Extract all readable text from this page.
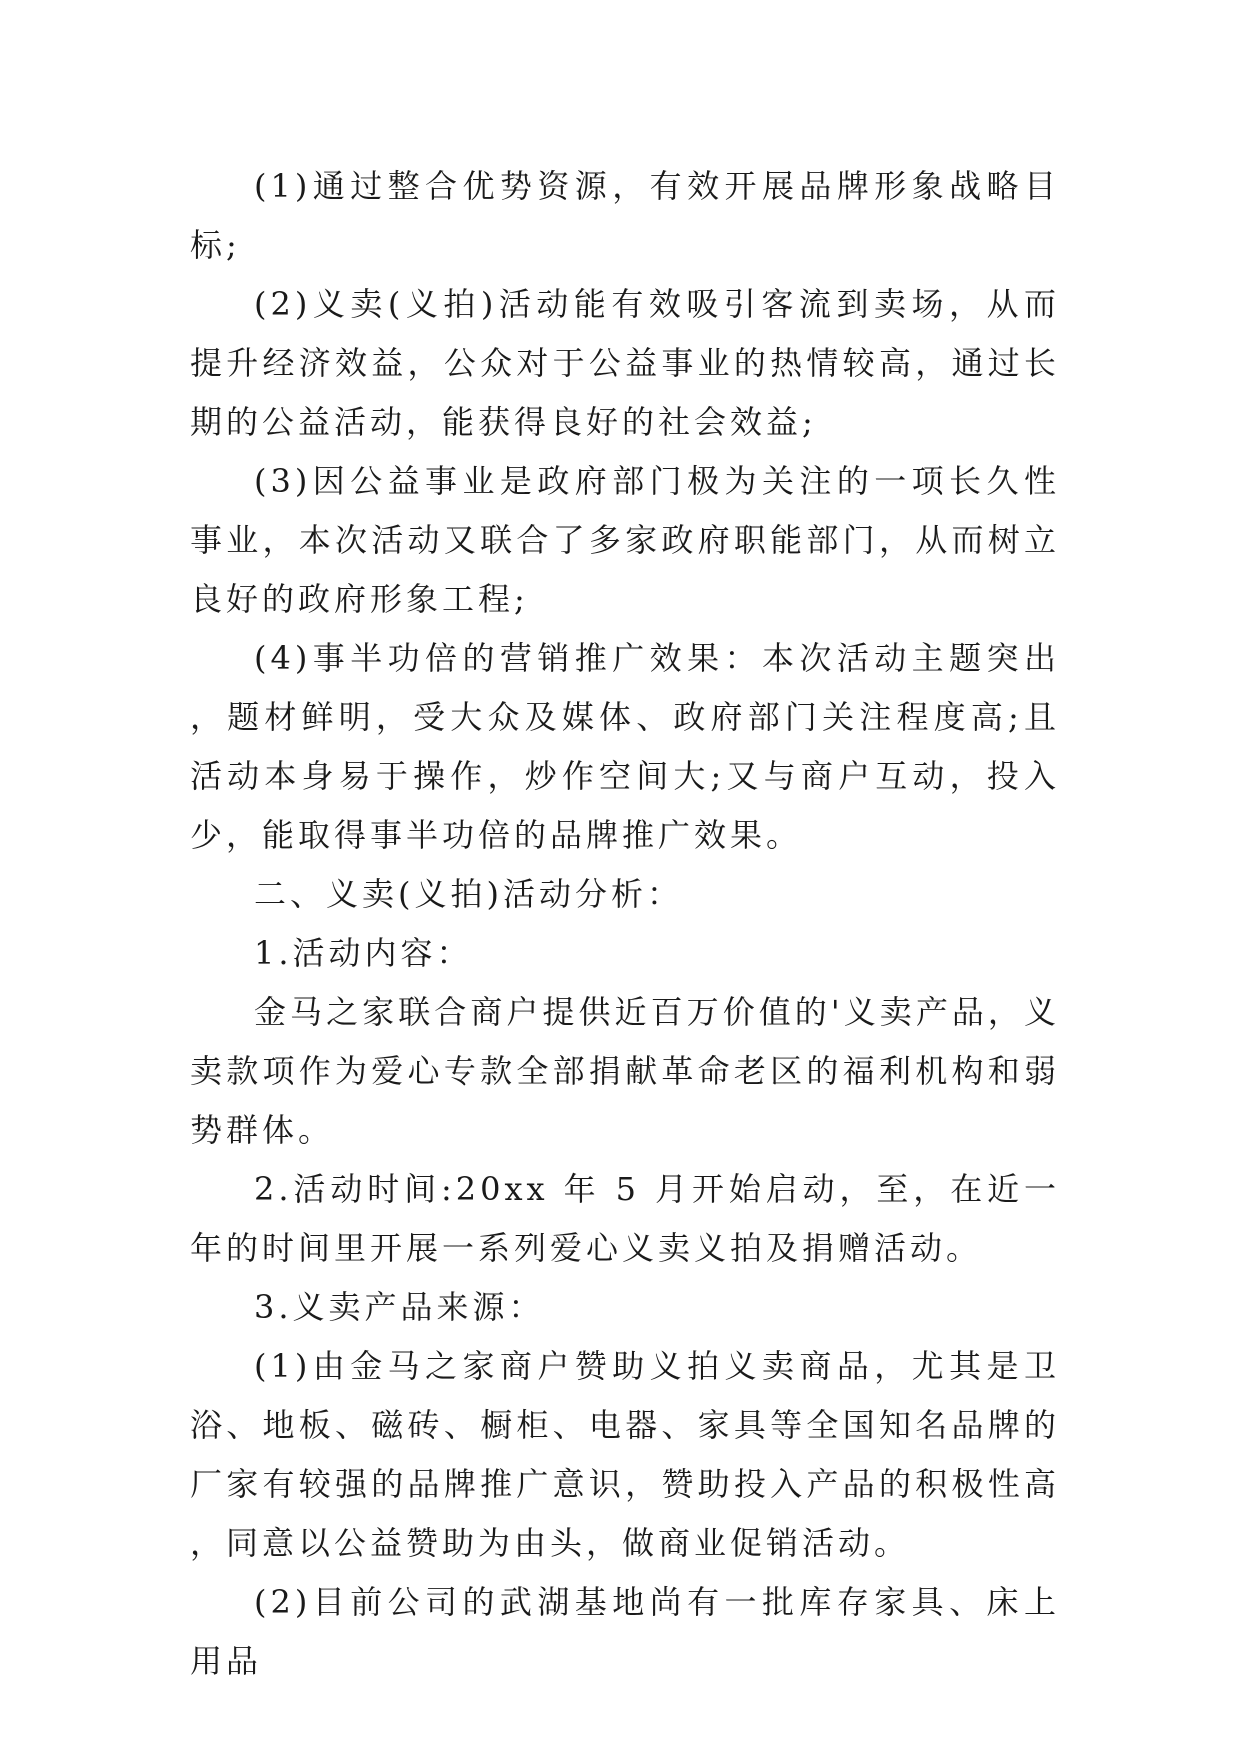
(1)通过整合优势资源，有效开展品牌形象战略目标;

(2)义卖(义拍)活动能有效吸引客流到卖场，从而提升经济效益，公众对于公益事业的热情较高，通过长期的公益活动，能获得良好的社会效益;

(3)因公益事业是政府部门极为关注的一项长久性事业，本次活动又联合了多家政府职能部门，从而树立良好的政府形象工程;

(4)事半功倍的营销推广效果：本次活动主题突出，题材鲜明，受大众及媒体、政府部门关注程度高;且活动本身易于操作，炒作空间大;又与商户互动，投入少，能取得事半功倍的品牌推广效果。

二、义卖(义拍)活动分析：

1.活动内容：

金马之家联合商户提供近百万价值的'义卖产品，义卖款项作为爱心专款全部捐献革命老区的福利机构和弱势群体。

2.活动时间:20xx 年 5 月开始启动，至，在近一年的时间里开展一系列爱心义卖义拍及捐赠活动。

3.义卖产品来源：

(1)由金马之家商户赞助义拍义卖商品，尤其是卫浴、地板、磁砖、橱柜、电器、家具等全国知名品牌的厂家有较强的品牌推广意识，赞助投入产品的积极性高，同意以公益赞助为由头，做商业促销活动。

(2)目前公司的武湖基地尚有一批库存家具、床上用品
